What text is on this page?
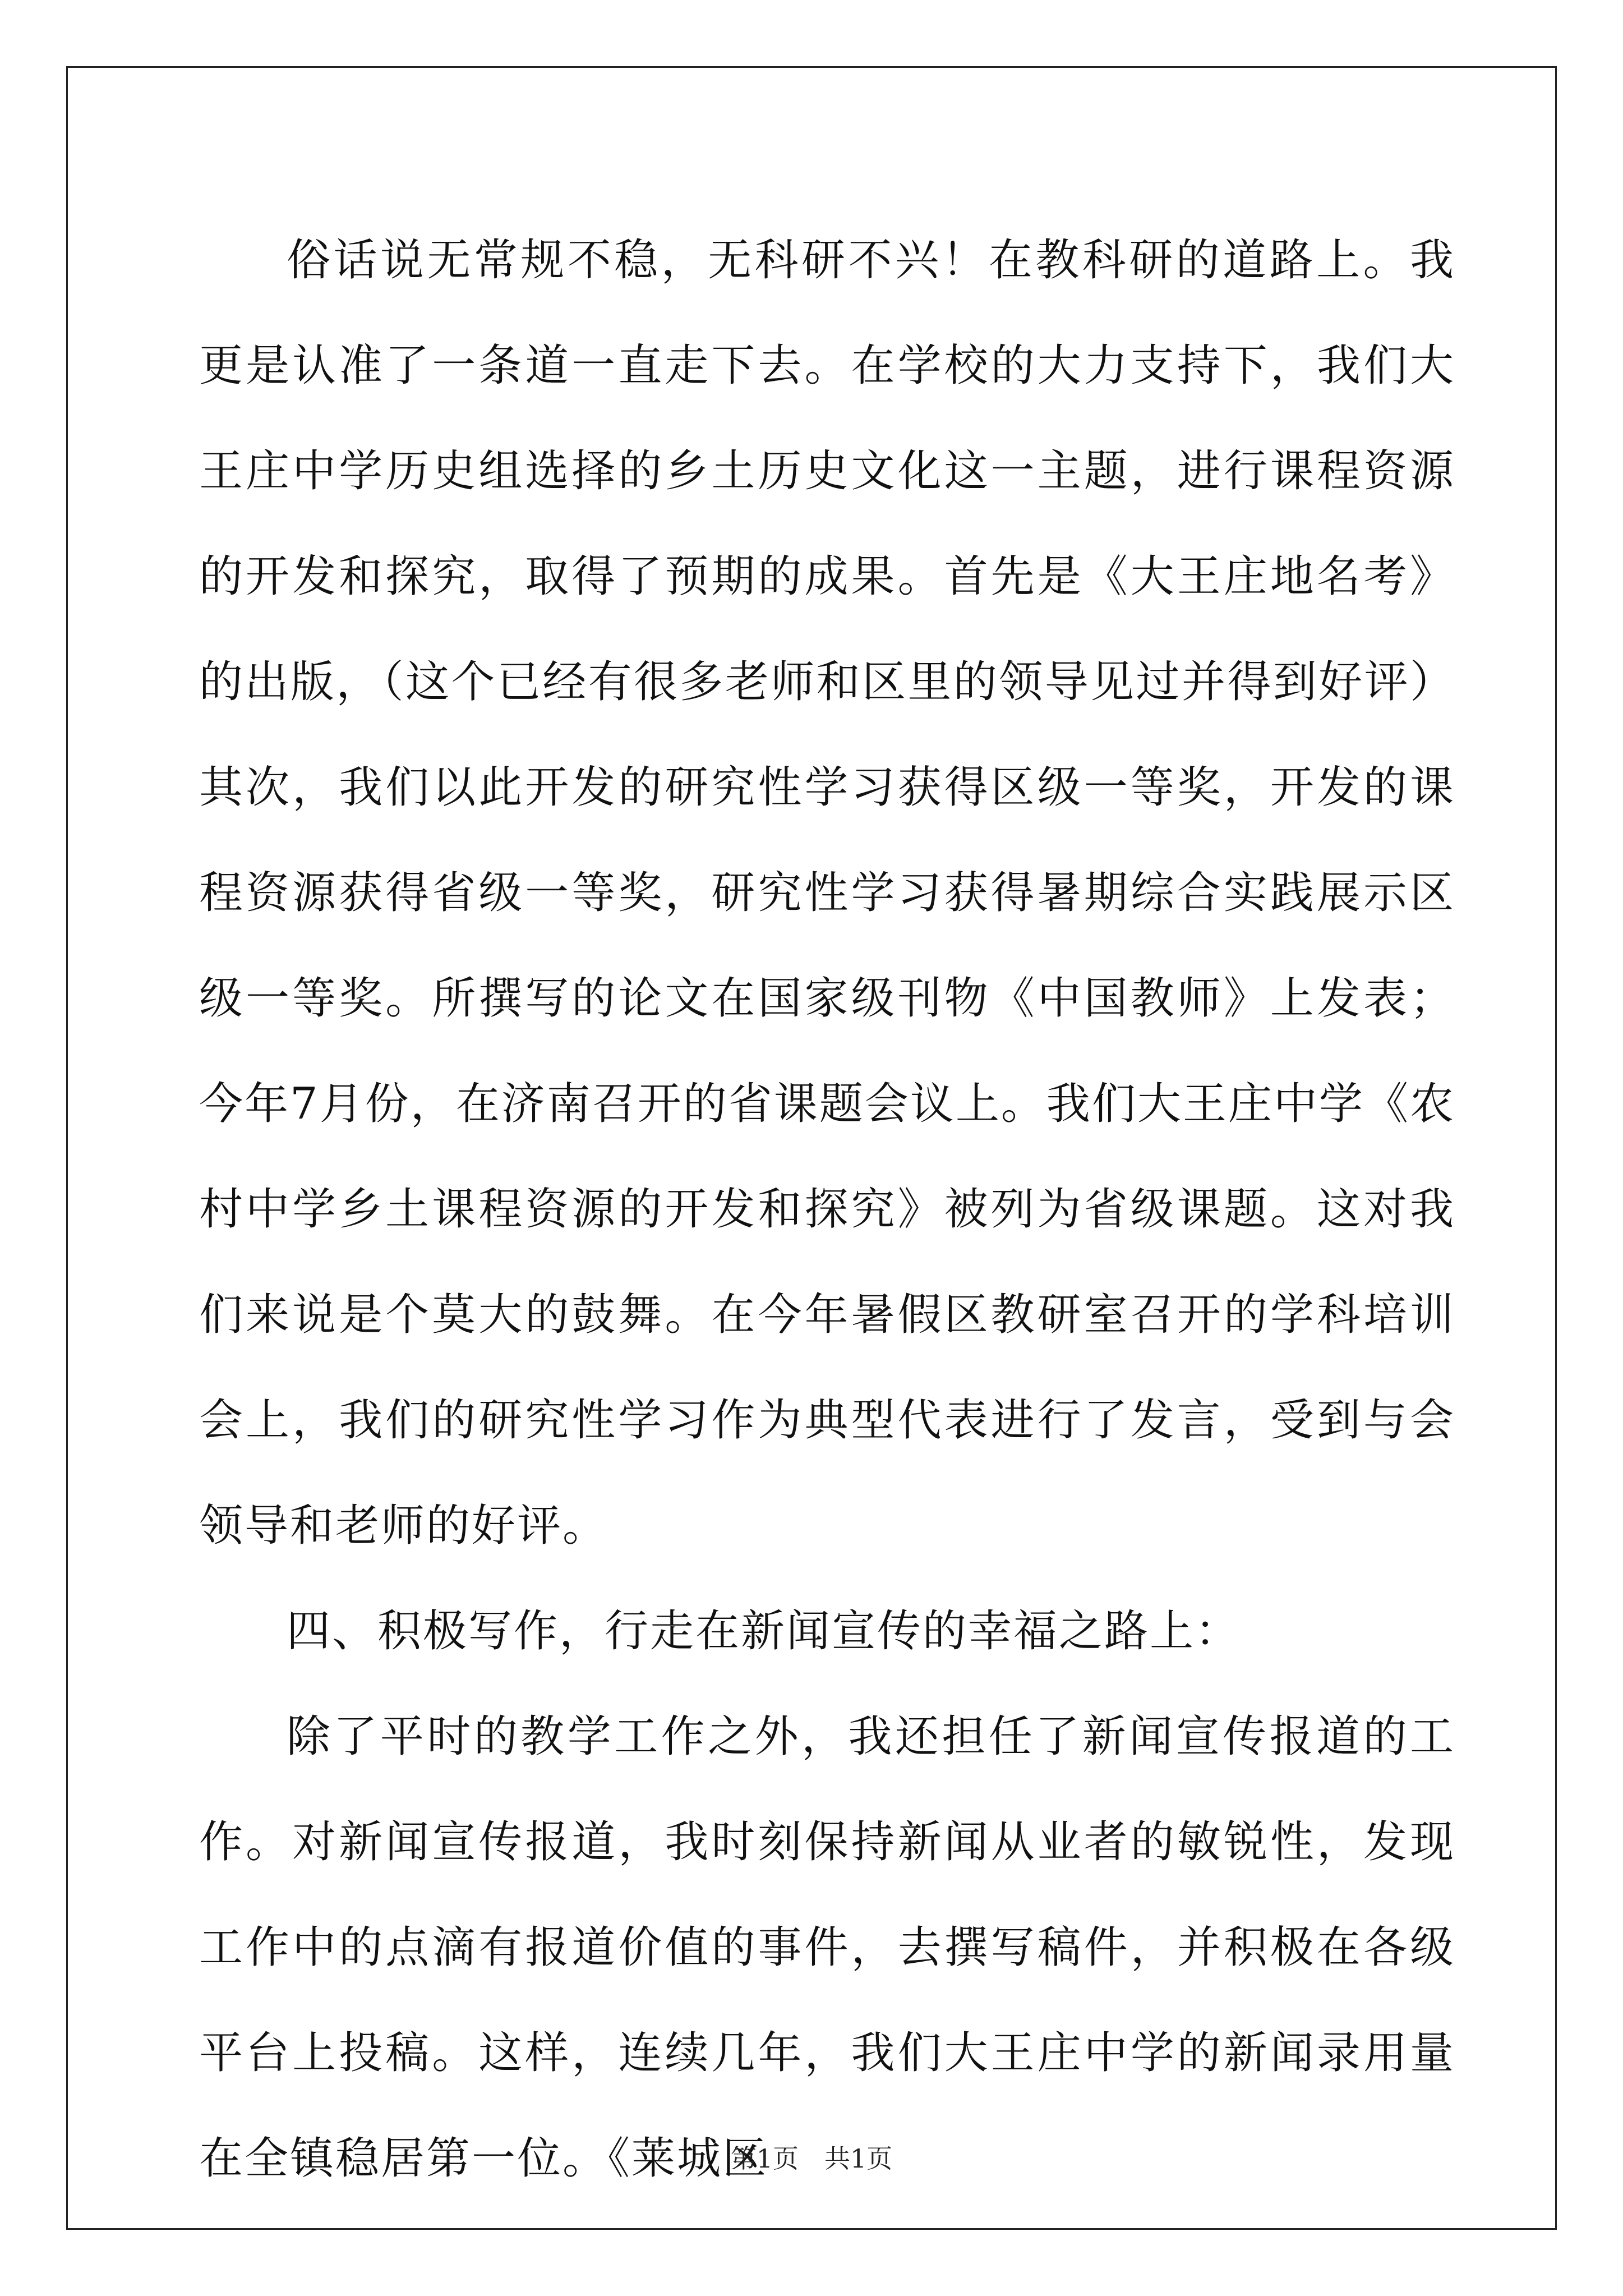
俗话说无常规不稳，无科研不兴！在教科研的道路上。我更是认准了一条道一直走下去。在学校的大力支持下，我们大王庄中学历史组选择的乡土历史文化这一主题，进行课程资源的开发和探究，取得了预期的成果。首先是《大王庄地名考》的出版，（这个已经有很多老师和区里的领导见过并得到好评）其次，我们以此开发的研究性学习获得区级一等奖，开发的课程资源获得省级一等奖，研究性学习获得暑期综合实践展示区级一等奖。所撰写的论文在国家级刊物《中国教师》上发表；今年7月份，在济南召开的省课题会议上。我们大王庄中学《农村中学乡土课程资源的开发和探究》被列为省级课题。这对我们来说是个莫大的鼓舞。在今年暑假区教研室召开的学科培训会上，我们的研究性学习作为典型代表进行了发言，受到与会领导和老师的好评。

四、积极写作，行走在新闻宣传的幸福之路上：

除了平时的教学工作之外，我还担任了新闻宣传报道的工作。对新闻宣传报道，我时刻保持新闻从业者的敏锐性，发现工作中的点滴有报道价值的事件，去撰写稿件，并积极在各级平台上投稿。这样，连续几年，我们大王庄中学的新闻录用量在全镇稳居第一位。《莱城区

第1页　共1页
